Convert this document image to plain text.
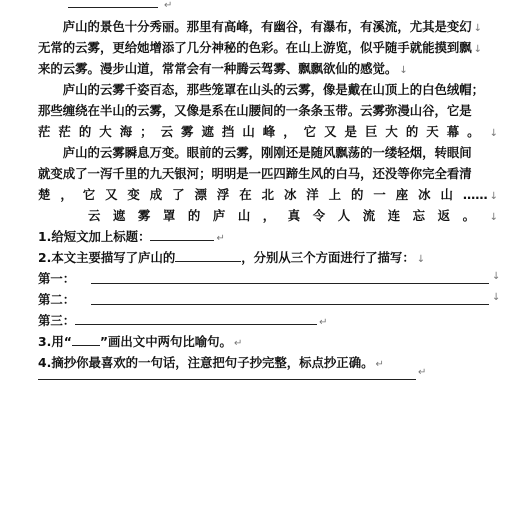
↵
　　庐山的景色十分秀丽。那里有高峰，有幽谷，有瀑布，有溪流，尤其是变幻 ↓
无常的云雾，更给她增添了几分神秘的色彩。在山上游览，似乎随手就能摸到飘 ↓
来的云雾。漫步山道，常常会有一种腾云驾雾、飘飘欲仙的感觉。 ↓
　　庐山的云雾千姿百态，那些笼罩在山头的云雾，像是戴在山顶上的白色绒帽；
那些缠绕在半山的云雾，又像是系在山腰间的一条条玉带。云雾弥漫山谷，它是
茫茫的大海；云雾遮挡山峰，它又是巨大的天幕。 ↓
　　庐山的云雾瞬息万变。眼前的云雾，刚刚还是随风飘荡的一缕轻烟，转眼间
就变成了一泻千里的九天银河；明明是一匹四蹄生风的白马，还没等你完全看清
楚，它又变成了漂浮在北冰洋上的一座冰山…… ↓
　　云遮雾罩的庐山，真令人流连忘返。 ↓
1.给短文加上标题：	↵
2.本文主要描写了庐山的	，分别从三个方面进行了描写： ↓
第一：	↓
第二：	↓
第三：	↵
3.用“ ”画出文中两句比喻句。 ↵
4.摘抄你最喜欢的一句话，注意把句子抄完整，标点抄正确。 ↵
↵
